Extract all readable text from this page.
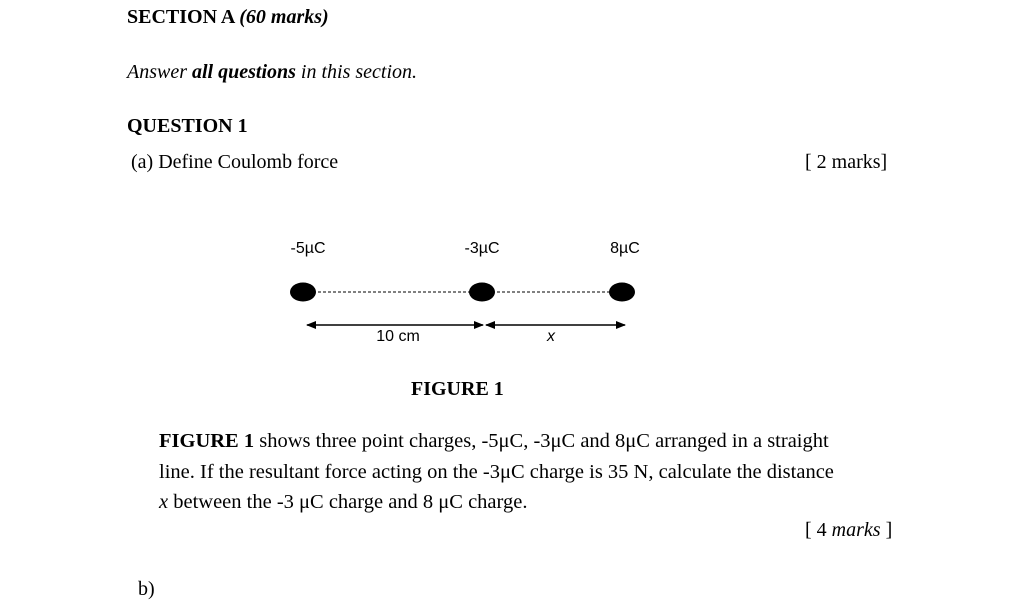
SECTION A (60 marks)
Answer all questions in this section.
QUESTION 1
(a) Define Coulomb force	[ 2 marks]
-5µC	-3µC	8µC
10 cm	x
FIGURE 1
FIGURE 1 shows three point charges, -5μC, -3μC and 8μC arranged in a straight
line. If the resultant force acting on the -3μC charge is 35 N, calculate the distance
x between the -3 μC charge and 8 μC charge.
[ 4 marks ]
b)
